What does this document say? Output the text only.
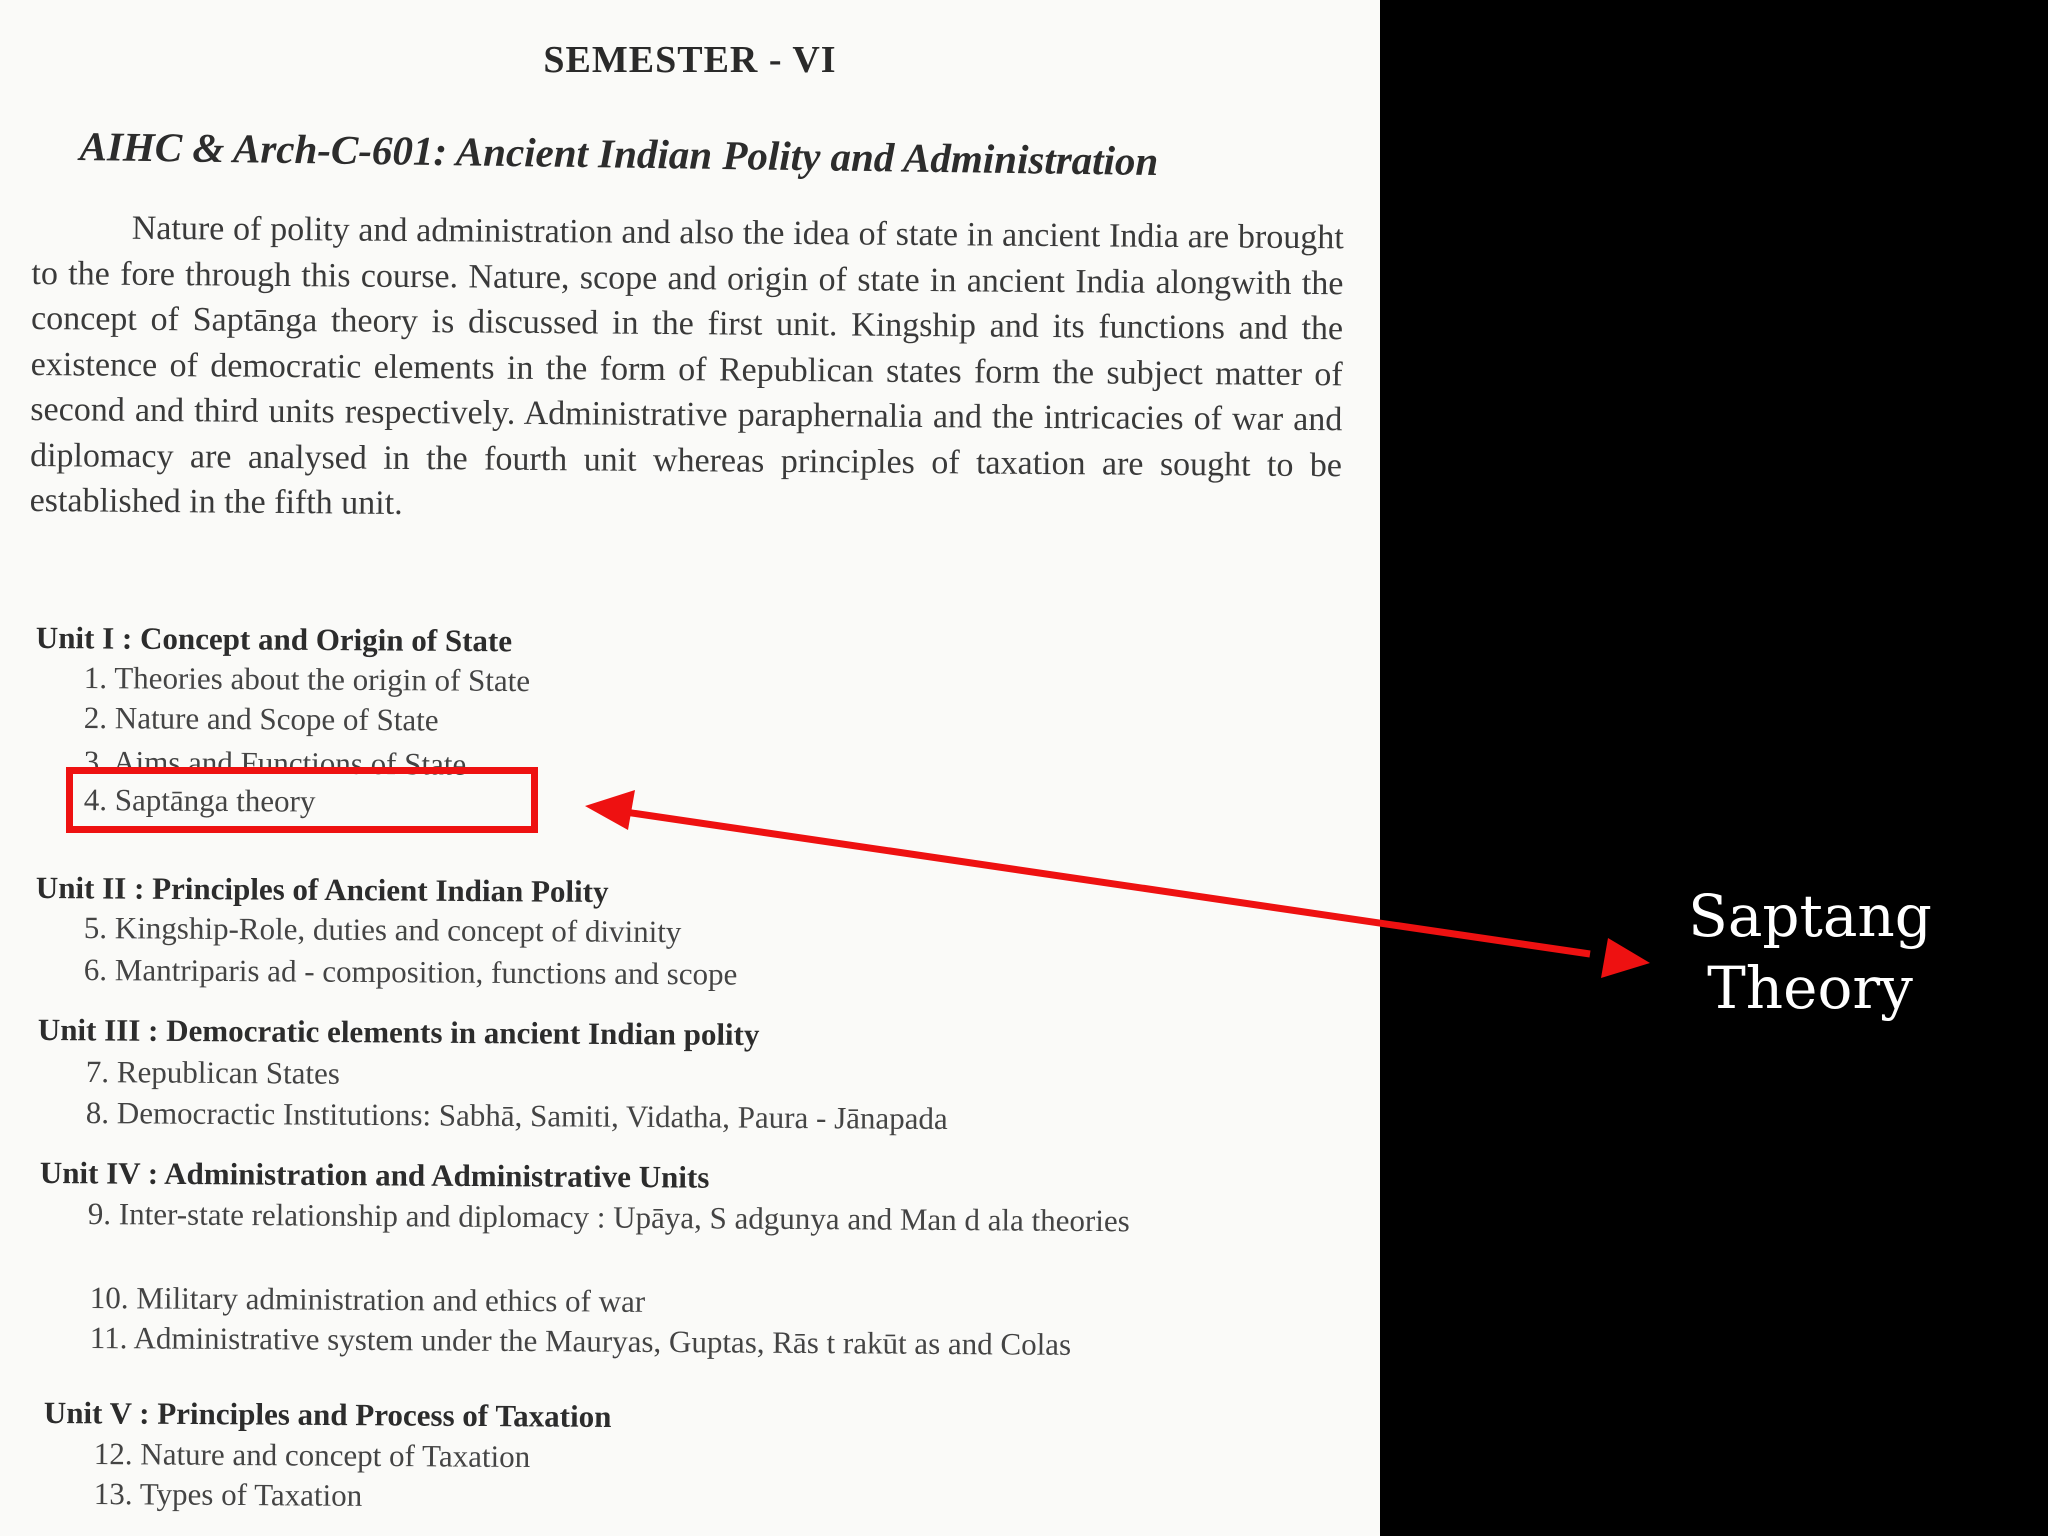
SEMESTER - VI
AIHC & Arch-C-601: Ancient Indian Polity and Administration
Nature of polity and administration and also the idea of state in ancient India are brought to the fore through this course. Nature, scope and origin of state in ancient India alongwith the concept of Saptānga theory is discussed in the first unit. Kingship and its functions and the existence of democratic elements in the form of Republican states form the subject matter of second and third units respectively. Administrative paraphernalia and the intricacies of war and diplomacy are analysed in the fourth unit whereas principles of taxation are sought to be established in the fifth unit.
Unit I : Concept and Origin of State
1. Theories about the origin of State
2. Nature and Scope of State
3. Aims and Functions of State
4. Saptānga theory
Unit II : Principles of Ancient Indian Polity
5. Kingship-Role, duties and concept of divinity
6. Mantriparis ad - composition, functions and scope
Unit III : Democratic elements in ancient Indian polity
7. Republican States
8. Democractic Institutions: Sabhā, Samiti, Vidatha, Paura - Jānapada
Unit IV : Administration and Administrative Units
9. Inter-state relationship and diplomacy : Upāya, S adgunya and Man d ala theories
10. Military administration and ethics of war
11. Administrative system under the Mauryas, Guptas, Rās t rakūt as and Colas
Unit V : Principles and Process of Taxation
12. Nature and concept of Taxation
13. Types of Taxation
Saptang
Theory
